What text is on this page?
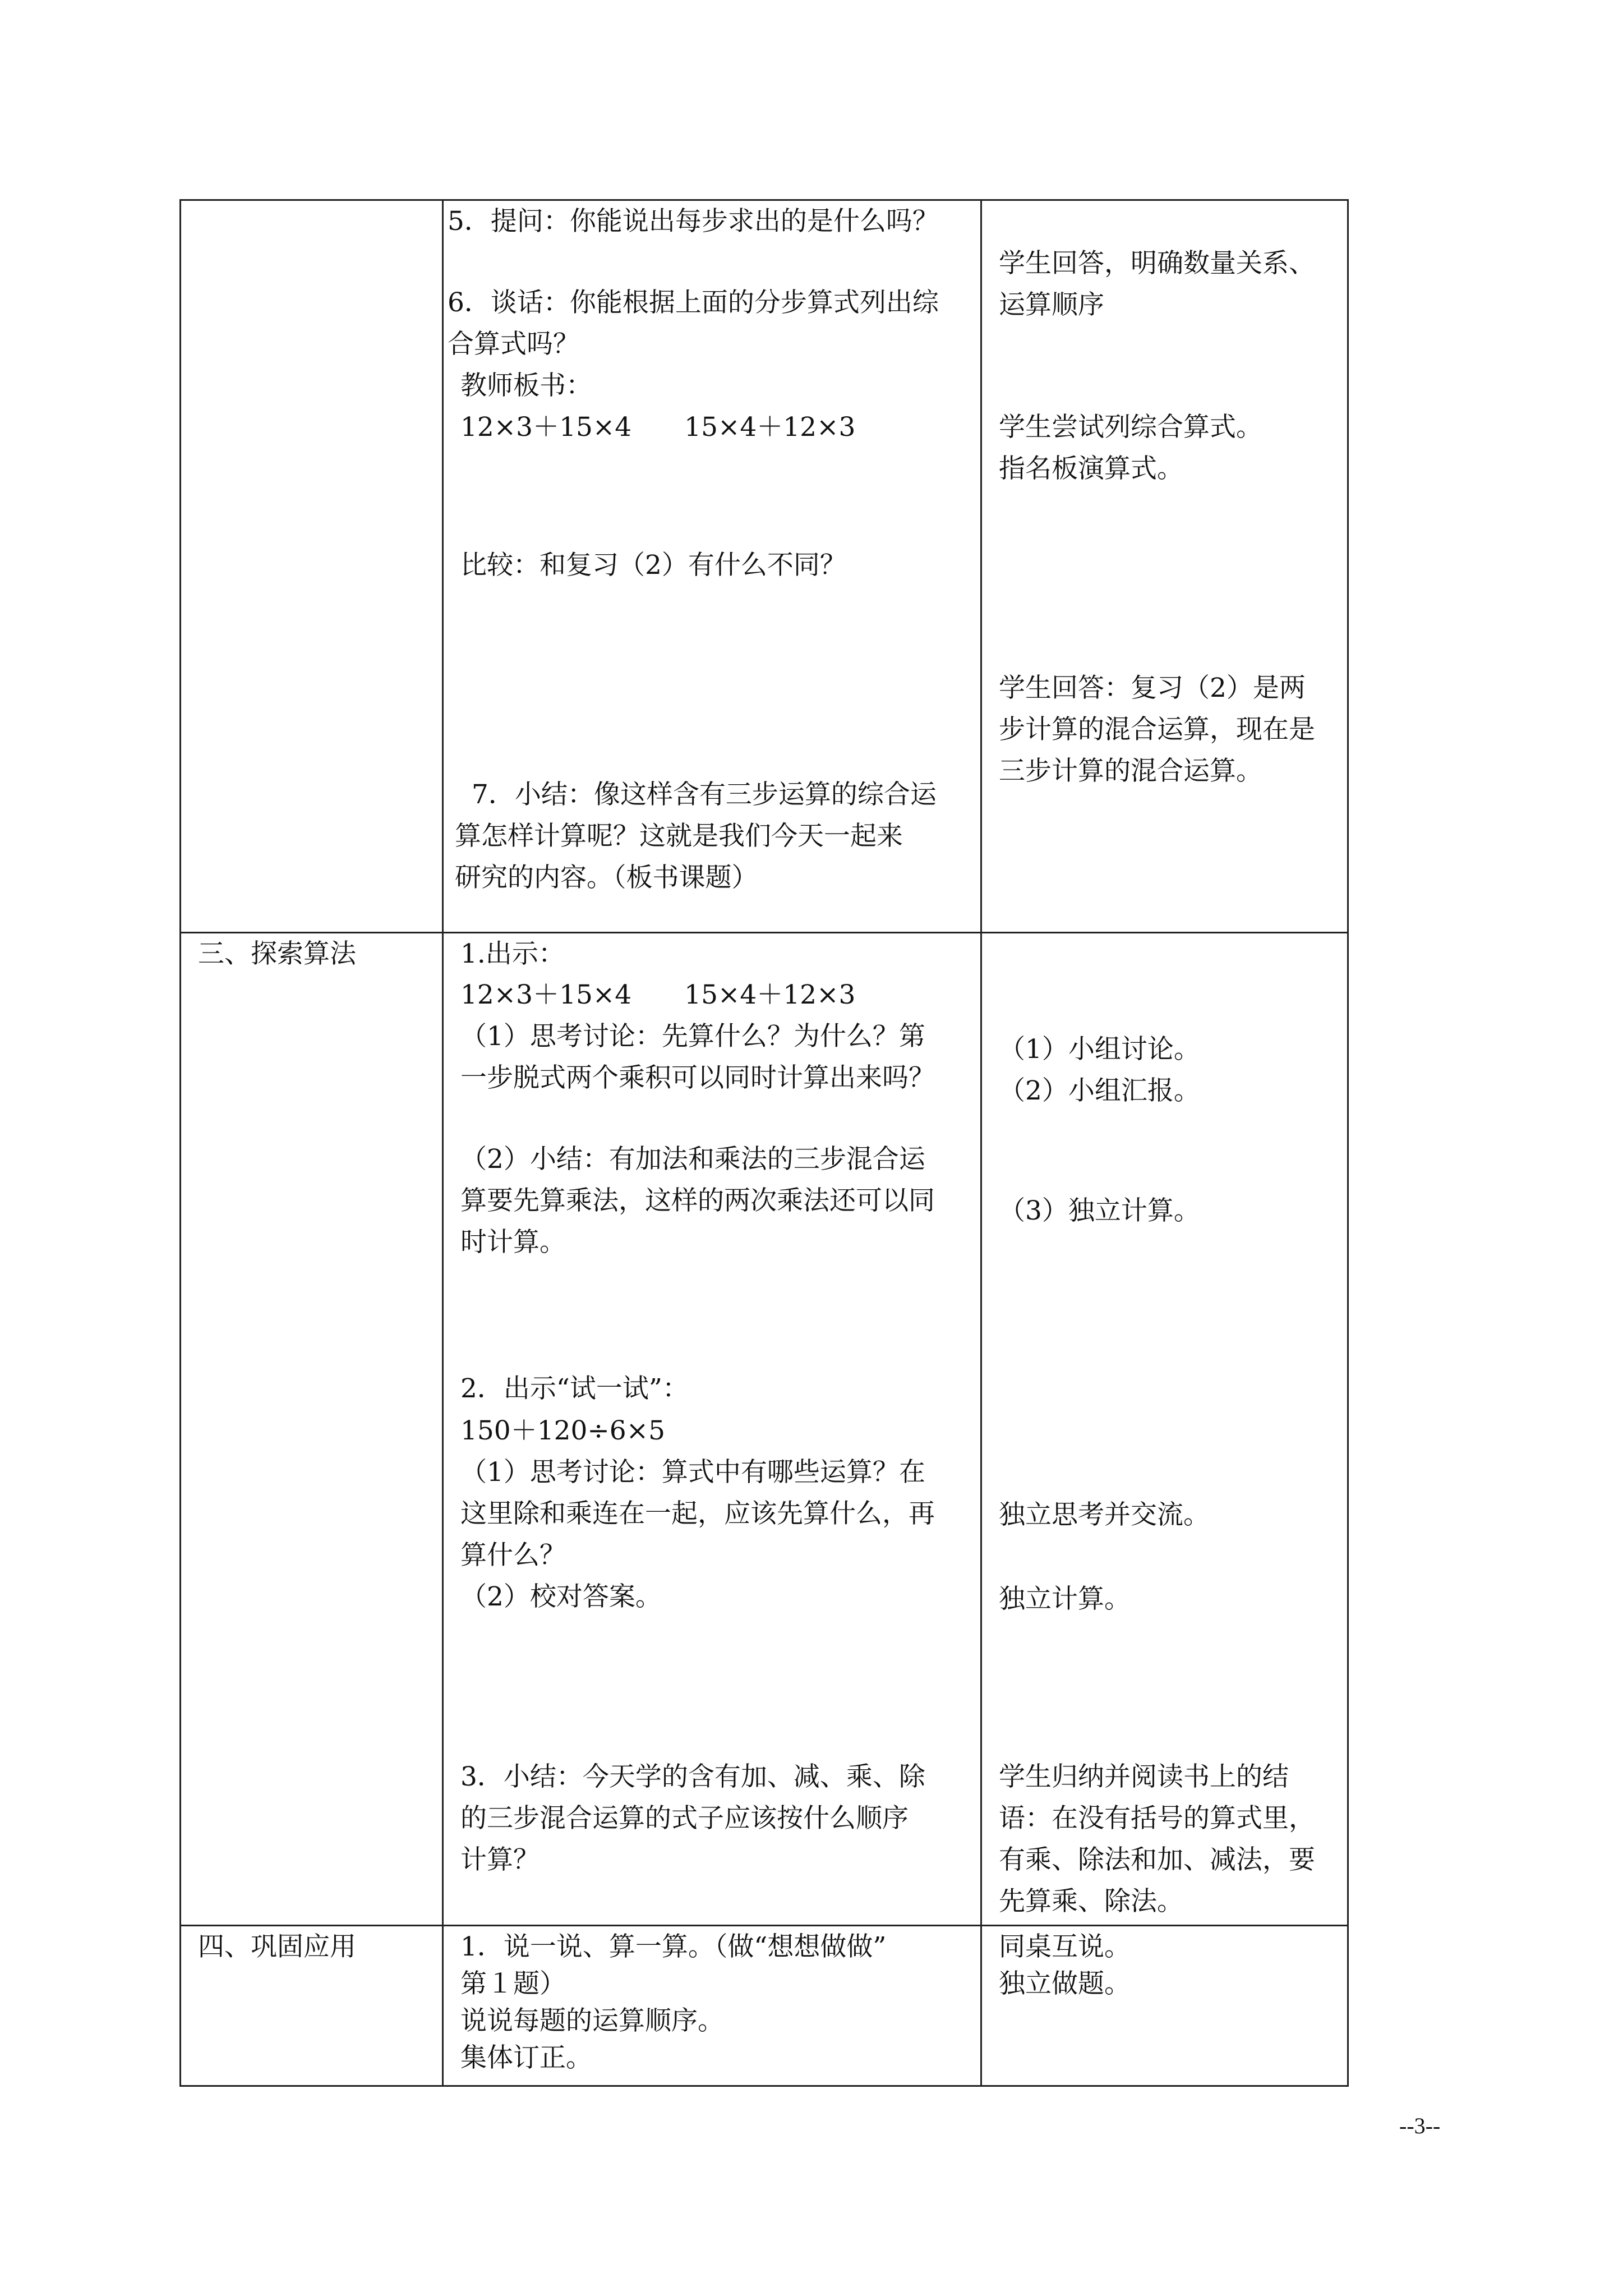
5．提问：你能说出每步求出的是什么吗？

6．谈话：你能根据上面的分步算式列出综

合算式吗？

教师板书：

12×3＋15×4　　15×4＋12×3

比较：和复习（2）有什么不同？

7．小结：像这样含有三步运算的综合运

算怎样计算呢？这就是我们今天一起来

研究的内容。（板书课题）

学生回答，明确数量关系、

运算顺序

学生尝试列综合算式。

指名板演算式。

学生回答：复习（2）是两

步计算的混合运算，现在是

三步计算的混合运算。

三、探索算法	1.出示：

12×3＋15×4　　15×4＋12×3

（1）思考讨论：先算什么？为什么？第

一步脱式两个乘积可以同时计算出来吗？

（2）小结：有加法和乘法的三步混合运

算要先算乘法，这样的两次乘法还可以同

时计算。

2．出示“试一试”：

150＋120÷6×5

（1）思考讨论：算式中有哪些运算？在

这里除和乘连在一起，应该先算什么，再

算什么？

（2）校对答案。

3．小结：今天学的含有加、减、乘、除

的三步混合运算的式子应该按什么顺序

计算？

（1）小组讨论。

（2）小组汇报。

（3）独立计算。

独立思考并交流。

独立计算。

学生归纳并阅读书上的结

语：在没有括号的算式里，

有乘、除法和加、减法，要

先算乘、除法。

四、巩固应用	1．说一说、算一算。（做“想想做做”

第１题）

说说每题的运算顺序。

集体订正。

同桌互说。

独立做题。

--3--
